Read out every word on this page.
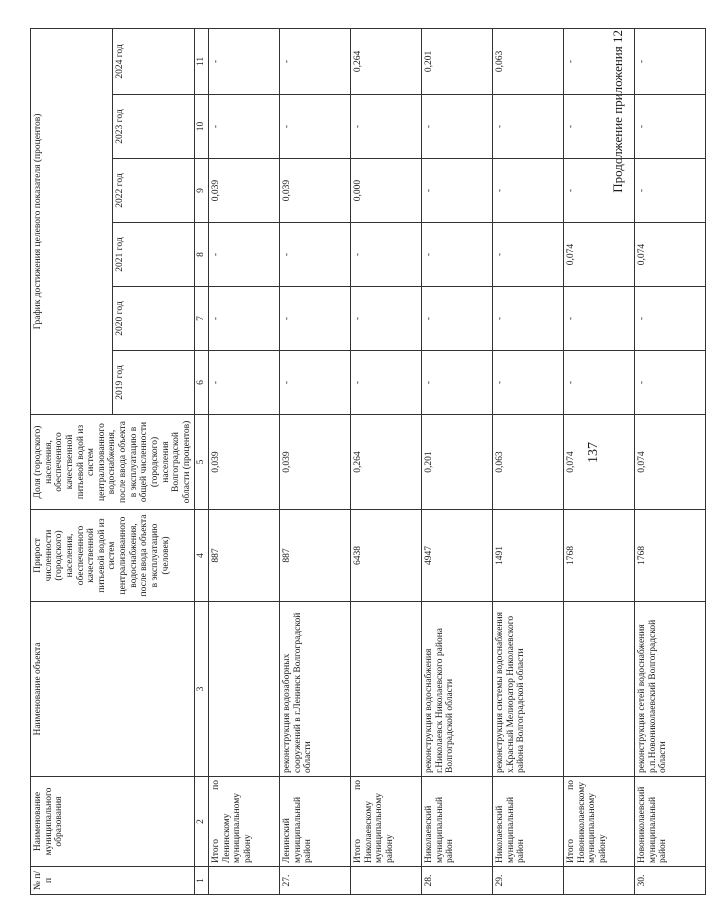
137
Продолжение приложения 12
№ п/п	Наименование муниципального образования	Наименование объекта	Прирост численности (городского) населения, обеспеченного качественной питьевой водой из систем централизованного водоснабжения, после ввода объекта в эксплуатацию (человек)	Доля (городского) населения, обеспеченного качественной питьевой водой из систем централизованного водоснабжения, после ввода объекта в эксплуатацию в общей численности (городского) населения Волгоградской области (процентов)	График достижения целевого показателя (процентов)					
					2019 год	2020 год	2021 год	2022 год	2023 год	2024 год
1	2	3	4	5	6	7	8	9	10	11
	Итого по Ленинскому муниципальному району		887	0,039	-	-	-	0,039	-	-
27.	Ленинский муниципальный район	реконструкция водозаборных сооружений в г.Ленинск Волгоградской области	887	0,039	-	-	-	0,039	-	-
	Итого по Николаевскому муниципальному району		6438	0,264	-	-	-	0,000	-	0,264
28.	Николаевский муниципальный район	реконструкция водоснабжения г.Николаевск Николаевского района Волгоградской области	4947	0,201	-	-	-	-	-	0,201
29.	Николаевский муниципальный район	реконструкция системы водоснабжения х.Красный Мелиоратор Николаевского района Волгоградской области	1491	0,063	-	-	-	-	-	0,063
	Итого по Новониколаевскому муниципальному району		1768	0,074	-	-	0,074	-	-	-
30.	Новониколаевский муниципальный район	реконструкция сетей водоснабжения р.п.Новониколаевский Волгоградской области	1768	0,074	-	-	0,074	-	-	-
